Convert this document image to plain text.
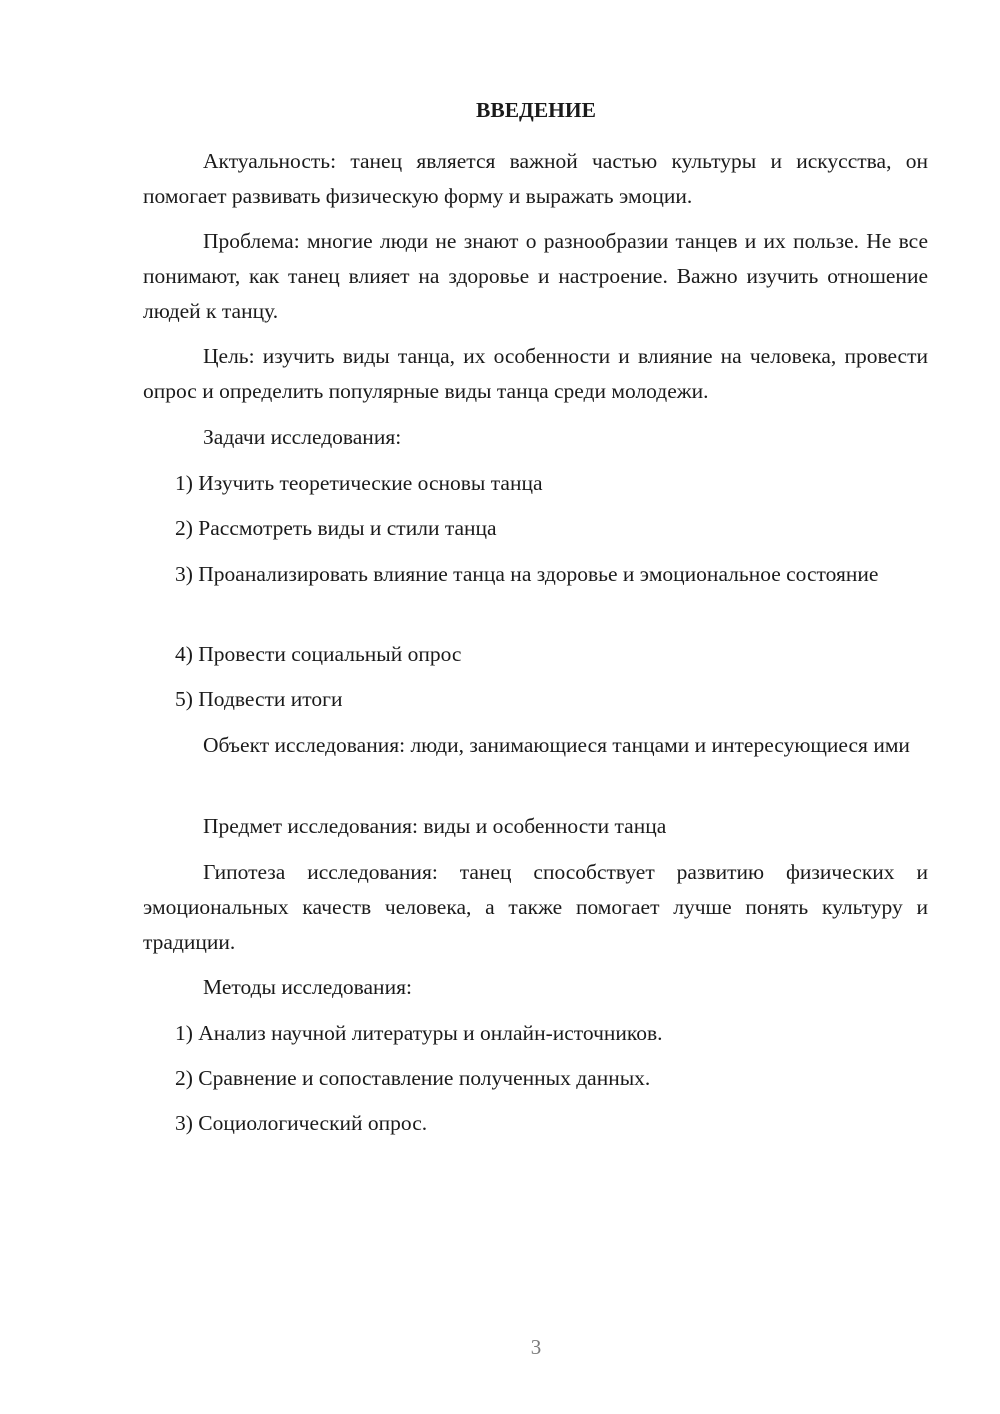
ВВЕДЕНИЕ

Актуальность: танец является важной частью культуры и искусства, он помогает развивать физическую форму и выражать эмоции.

Проблема: многие люди не знают о разнообразии танцев и их пользе. Не все понимают, как танец влияет на здоровье и настроение. Важно изучить отношение людей к танцу.

Цель: изучить виды танца, их особенности и влияние на человека, провести опрос и определить популярные виды танца среди молодежи.

Задачи исследования:

1) Изучить теоретические основы танца

2) Рассмотреть виды и стили танца

3) Проанализировать влияние танца на здоровье и эмоциональное состояние

4) Провести социальный опрос

5) Подвести итоги

Объект исследования: люди, занимающиеся танцами и интересующиеся ими

Предмет исследования: виды и особенности танца

Гипотеза исследования: танец способствует развитию физических и эмоциональных качеств человека, а также помогает лучше понять культуру и традиции.

Методы исследования:

1) Анализ научной литературы и онлайн-источников.

2) Сравнение и сопоставление полученных данных.

3) Социологический опрос.

3
